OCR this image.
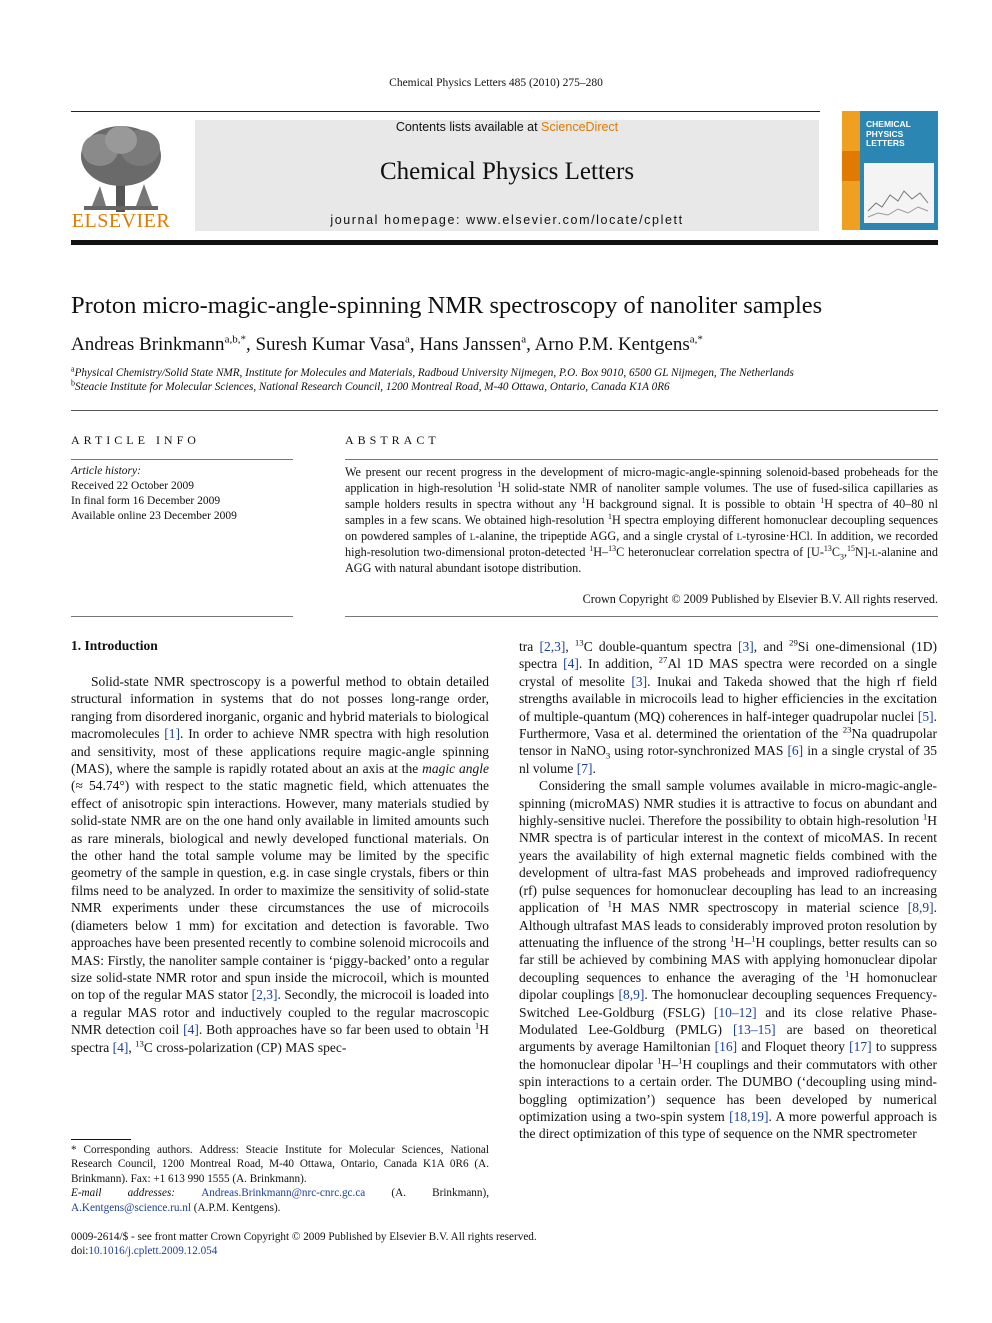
Chemical Physics Letters 485 (2010) 275–280
ELSEVIER
Contents lists available at ScienceDirect
Chemical Physics Letters
journal homepage: www.elsevier.com/locate/cplett
CHEMICAL
PHYSICS
LETTERS
Proton micro-magic-angle-spinning NMR spectroscopy of nanoliter samples
Andreas Brinkmann$^{a,b,*}$, Suresh Kumar Vasa$^a$, Hans Janssen$^a$, Arno P.M. Kentgens$^{a,*}$
$^a$Physical Chemistry/Solid State NMR, Institute for Molecules and Materials, Radboud University Nijmegen, P.O. Box 9010, 6500 GL Nijmegen, The Netherlands
$^b$Steacie Institute for Molecular Sciences, National Research Council, 1200 Montreal Road, M-40 Ottawa, Ontario, Canada K1A 0R6
ARTICLE INFO
Article history:
Received 22 October 2009
In final form 16 December 2009
Available online 23 December 2009
ABSTRACT
We present our recent progress in the development of micro-magic-angle-spinning solenoid-based probeheads for the application in high-resolution $^1$H solid-state NMR of nanoliter sample volumes. The use of fused-silica capillaries as sample holders results in spectra without any $^1$H background signal. It is possible to obtain $^1$H spectra of 40–80 nl samples in a few scans. We obtained high-resolution $^1$H spectra employing different homonuclear decoupling sequences on powdered samples of l-alanine, the tripeptide AGG, and a single crystal of l-tyrosine·HCl. In addition, we recorded high-resolution two-dimensional proton-detected $^1$H–$^{13}$C heteronuclear correlation spectra of $[U-^{13}C_3,^{15}N]-l$-alanine and AGG with natural abundant isotope distribution.
Crown Copyright © 2009 Published by Elsevier B.V. All rights reserved.
1. Introduction

Solid-state NMR spectroscopy is a powerful method to obtain detailed structural information in systems that do not posses long-range order, ranging from disordered inorganic, organic and hybrid materials to biological macromolecules [1]. In order to achieve NMR spectra with high resolution and sensitivity, most of these applications require magic-angle spinning (MAS), where the sample is rapidly rotated about an axis at the magic angle (≈ 54.74°) with respect to the static magnetic field, which attenuates the effect of anisotropic spin interactions. However, many materials studied by solid-state NMR are on the one hand only available in limited amounts such as rare minerals, biological and newly developed functional materials. On the other hand the total sample volume may be limited by the specific geometry of the sample in question, e.g. in case single crystals, fibers or thin films need to be analyzed. In order to maximize the sensitivity of solid-state NMR experiments under these circumstances the use of microcoils (diameters below 1 mm) for excitation and detection is favorable. Two approaches have been presented recently to combine solenoid microcoils and MAS: Firstly, the nanoliter sample container is ‘piggy-backed’ onto a regular size solid-state NMR rotor and spun inside the microcoil, which is mounted on top of the regular MAS stator [2,3]. Secondly, the microcoil is loaded into a regular MAS rotor and inductively coupled to the regular macroscopic NMR detection coil [4]. Both approaches have so far been used to obtain $^1$H spectra [4], $^{13}$C cross-polarization (CP) MAS spec-

tra [2,3], $^{13}$C double-quantum spectra [3], and $^{29}$Si one-dimensional (1D) spectra [4]. In addition, $^{27}$Al 1D MAS spectra were recorded on a single crystal of mesolite [3]. Inukai and Takeda showed that the high rf field strengths available in microcoils lead to higher efficiencies in the excitation of multiple-quantum (MQ) coherences in half-integer quadrupolar nuclei [5]. Furthermore, Vasa et al. determined the orientation of the $^{23}$Na quadrupolar tensor in NaNO$_3$ using rotor-synchronized MAS [6] in a single crystal of 35 nl volume [7].

Considering the small sample volumes available in micro-magic-angle-spinning (microMAS) NMR studies it is attractive to focus on abundant and highly-sensitive nuclei. Therefore the possibility to obtain high-resolution $^1$H NMR spectra is of particular interest in the context of micoMAS. In recent years the availability of high external magnetic fields combined with the development of ultra-fast MAS probeheads and improved radiofrequency (rf) pulse sequences for homonuclear decoupling has lead to an increasing application of $^1$H MAS NMR spectroscopy in material science [8,9]. Although ultrafast MAS leads to considerably improved proton resolution by attenuating the influence of the strong $^1$H–$^1$H couplings, better results can so far still be achieved by combining MAS with applying homonuclear dipolar decoupling sequences to enhance the averaging of the $^1$H homonuclear dipolar couplings [8,9]. The homonuclear decoupling sequences Frequency-Switched Lee-Goldburg (FSLG) [10–12] and its close relative Phase-Modulated Lee-Goldburg (PMLG) [13–15] are based on theoretical arguments by average Hamiltonian [16] and Floquet theory [17] to suppress the homonuclear dipolar $^1$H–$^1$H couplings and their commutators with other spin interactions to a certain order. The DUMBO (‘decoupling using mind-boggling optimization’) sequence has been developed by numerical optimization using a two-spin system [18,19]. A more powerful approach is the direct optimization of this type of sequence on the NMR spectrometer

* Corresponding authors. Address: Steacie Institute for Molecular Sciences, National Research Council, 1200 Montreal Road, M-40 Ottawa, Ontario, Canada K1A 0R6 (A. Brinkmann). Fax: +1 613 990 1555 (A. Brinkmann).
E-mail addresses: Andreas.Brinkmann@nrc-cnrc.gc.ca (A. Brinkmann), A.Kentgens@science.ru.nl (A.P.M. Kentgens).
0009-2614/$ - see front matter Crown Copyright © 2009 Published by Elsevier B.V. All rights reserved.
doi:10.1016/j.cplett.2009.12.054
